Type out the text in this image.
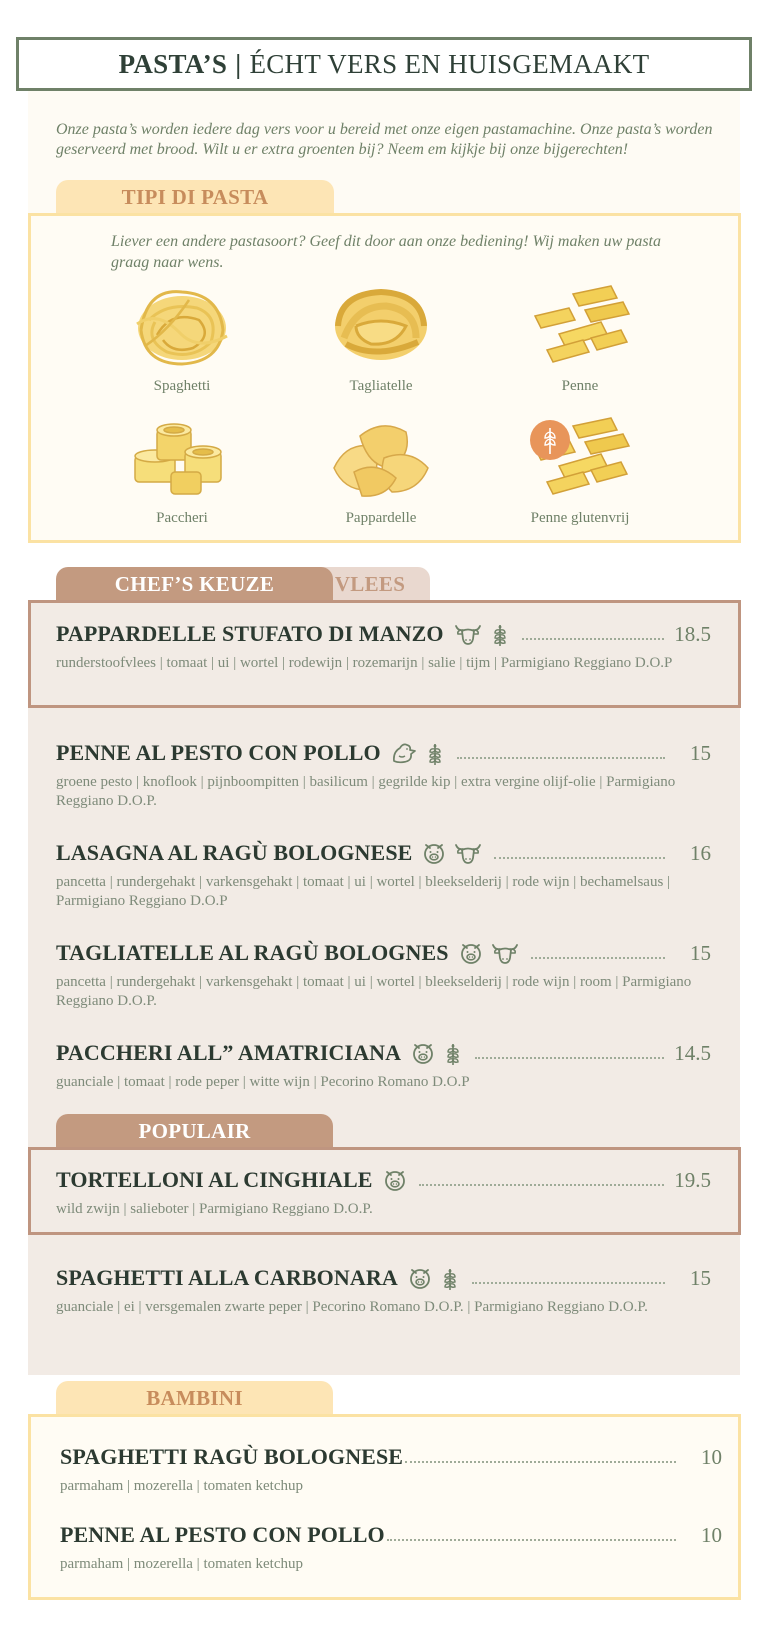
PASTA’S | ÉCHT VERS EN HUISGEMAAKT
Onze pasta’s worden iedere dag vers voor u bereid met onze eigen pastamachine. Onze pasta’s worden geserveerd met brood. Wilt u er extra groenten bij? Neem em kijkje bij onze bijgerechten!
TIPI DI PASTA
Liever een andere pastasoort? Geef dit door aan onze bediening! Wij maken uw pasta graag naar wens.
Spaghetti	Tagliatelle	Penne
Paccheri	Pappardelle	Penne glutenvrij
VLEES
CHEF’S KEUZE
PAPPARDELLE STUFATO DI MANZO	18.5
runderstoofvlees | tomaat | ui | wortel | rodewijn | rozemarijn | salie | tijm | Parmigiano Reggiano D.O.P
PENNE AL PESTO CON POLLO	15
groene pesto | knoflook | pijnboompitten | basilicum | gegrilde kip | extra vergine olijf-olie | Parmigiano Reggiano D.O.P.
LASAGNA AL RAGÙ BOLOGNESE	16
pancetta | rundergehakt | varkensgehakt | tomaat | ui | wortel | bleekselderij | rode wijn | bechamelsaus | Parmigiano Reggiano D.O.P
TAGLIATELLE AL RAGÙ BOLOGNES	15
pancetta | rundergehakt | varkensgehakt | tomaat | ui | wortel | bleekselderij | rode wijn | room | Parmigiano Reggiano D.O.P.
PACCHERI ALL” AMATRICIANA	14.5
guanciale | tomaat | rode peper | witte wijn | Pecorino Romano D.O.P
POPULAIR
TORTELLONI AL CINGHIALE	19.5
wild zwijn | salieboter | Parmigiano Reggiano D.O.P.
SPAGHETTI ALLA CARBONARA	15
guanciale | ei | versgemalen zwarte peper | Pecorino Romano D.O.P. | Parmigiano Reggiano D.O.P.
BAMBINI
SPAGHETTI RAGÙ BOLOGNESE	10
parmaham | mozerella | tomaten ketchup
PENNE AL PESTO CON POLLO	10
parmaham | mozerella | tomaten ketchup
